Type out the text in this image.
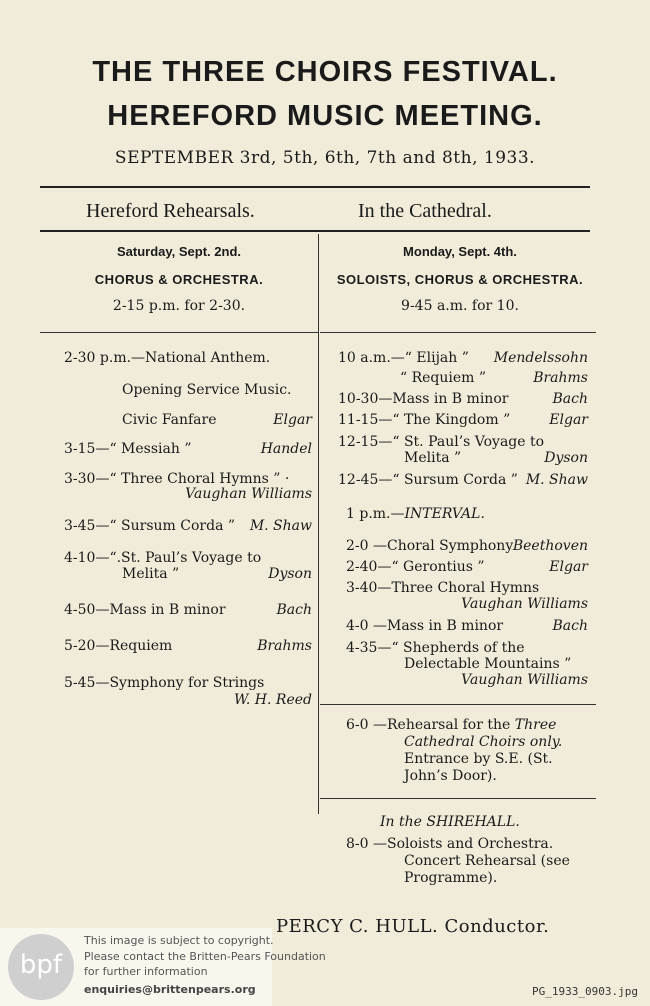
THE THREE CHOIRS FESTIVAL.
HEREFORD MUSIC MEETING.
SEPTEMBER 3rd, 5th, 6th, 7th and 8th, 1933.
Hereford Rehearsals.	In the Cathedral.
Saturday, Sept. 2nd.
CHORUS & ORCHESTRA.
2-15 p.m. for 2-30.
Monday, Sept. 4th.
SOLOISTS, CHORUS & ORCHESTRA.
9-45 a.m. for 10.
2-30 p.m.—National Anthem.
Opening Service Music.
Civic Fanfare	Elgar
3-15—“ Messiah ”	Handel
3-30—“ Three Choral Hymns ” ·
Vaughan Williams
3-45—“ Sursum Corda ” M. Shaw
4-10—“.St. Paul’s Voyage to
Melita ”	Dyson
4-50—Mass in B minor	Bach
5-20—Requiem	Brahms
5-45—Symphony for Strings
W. H. Reed
10 a.m.—“ Elijah ” Mendelssohn
“ Requiem ”	Brahms
10-30—Mass in B minor	Bach
11-15—“ The Kingdom ”	Elgar
12-15—“ St. Paul’s Voyage to
Melita ”	Dyson
12-45—“ Sursum Corda ” M. Shaw
1 p.m.—INTERVAL.
2-0 —Choral Symphony Beethoven
2-40—“ Gerontius ”	Elgar
3-40—Three Choral Hymns
Vaughan Williams
4-0 —Mass in B minor	Bach
4-35—“ Shepherds of the
Delectable Mountains ”
Vaughan Williams
6-0 —Rehearsal for the Three
Cathedral Choirs only.
Entrance by S.E. (St.
John’s Door).
In the SHIREHALL.
8-0 —Soloists and Orchestra.
Concert Rehearsal (see
Programme).
PERCY C. HULL. Conductor.
bpf
This image is subject to copyright.
Please contact the Britten-Pears Foundation
for further information
enquiries@brittenpears.org	PG_1933_0903.jpg
